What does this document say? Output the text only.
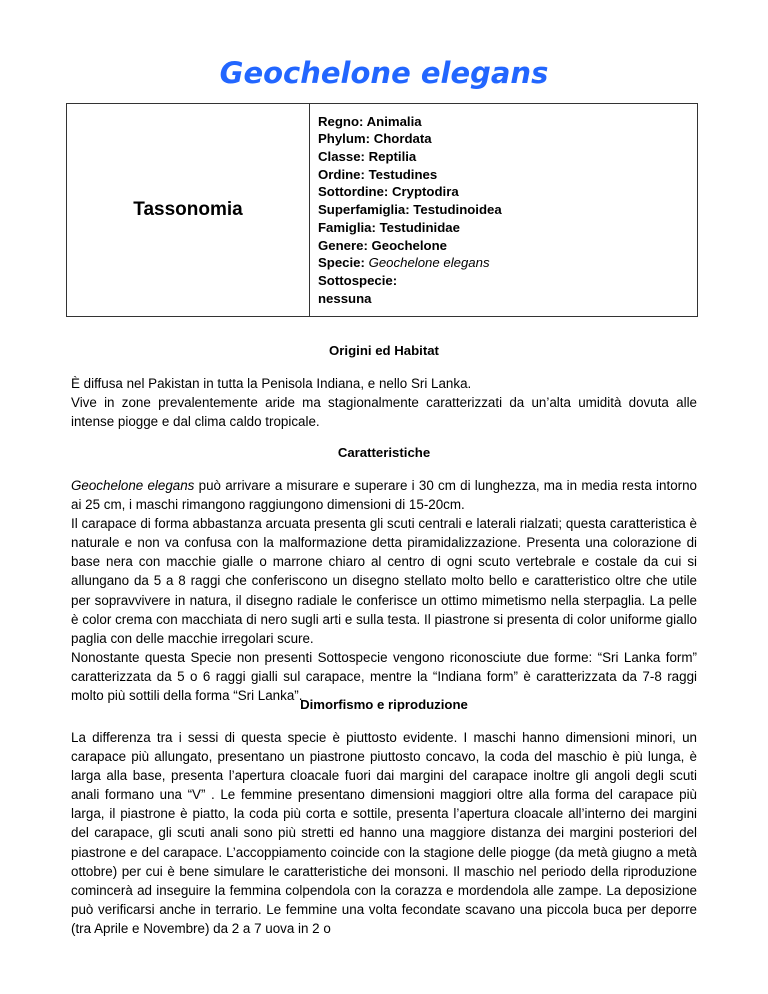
Geochelone elegans
Tassonomia	
Regno: Animalia
Phylum: Chordata
Classe: Reptilia
Ordine: Testudines
Sottordine: Cryptodira
Superfamiglia: Testudinoidea
Famiglia: Testudinidae
Genere: Geochelone
Specie: Geochelone elegans
Sottospecie:
nessuna
Origini ed Habitat

È diffusa nel Pakistan in tutta la Penisola Indiana, e nello Sri Lanka.

Vive in zone prevalentemente aride ma stagionalmente caratterizzati da un’alta umidità dovuta alle intense piogge e dal clima caldo tropicale.

Caratteristiche

Geochelone elegans può arrivare a misurare e superare i 30 cm di lunghezza, ma in media resta intorno ai 25 cm, i maschi rimangono raggiungono dimensioni di 15-20cm.

Il carapace di forma abbastanza arcuata presenta gli scuti centrali e laterali rialzati; questa caratteristica è naturale e non va confusa con la malformazione detta piramidalizzazione. Presenta una colorazione di base nera con macchie gialle o marrone chiaro al centro di ogni scuto vertebrale e costale da cui si allungano da 5 a 8 raggi che conferiscono un disegno stellato molto bello e caratteristico oltre che utile per sopravvivere in natura, il disegno radiale le conferisce un ottimo mimetismo nella sterpaglia. La pelle è color crema con macchiata di nero sugli arti e sulla testa. Il piastrone si presenta di color uniforme giallo paglia con delle macchie irregolari scure.

Nonostante questa Specie non presenti Sottospecie vengono riconosciute due forme: “Sri Lanka form” caratterizzata da 5 o 6 raggi gialli sul carapace, mentre la “Indiana form” è caratterizzata da 7-8 raggi molto più sottili della forma “Sri Lanka”.

Dimorfismo e riproduzione

La differenza tra i sessi di questa specie è piuttosto evidente. I maschi hanno dimensioni minori, un carapace più allungato, presentano un piastrone piuttosto concavo, la coda del maschio è più lunga, è larga alla base, presenta l’apertura cloacale fuori dai margini del carapace inoltre gli angoli degli scuti anali formano una “V” . Le femmine presentano dimensioni maggiori oltre alla forma del carapace più larga, il piastrone è piatto, la coda più corta e sottile, presenta l’apertura cloacale all’interno dei margini del carapace, gli scuti anali sono più stretti ed hanno una maggiore distanza dei margini posteriori del piastrone e del carapace. L’accoppiamento coincide con la stagione delle piogge (da metà giugno a metà ottobre) per cui è bene simulare le caratteristiche dei monsoni. Il maschio nel periodo della riproduzione comincerà ad inseguire la femmina colpendola con la corazza e mordendola alle zampe. La deposizione può verificarsi anche in terrario. Le femmine una volta fecondate scavano una piccola buca per deporre (tra Aprile e Novembre) da 2 a 7 uova in 2 o
